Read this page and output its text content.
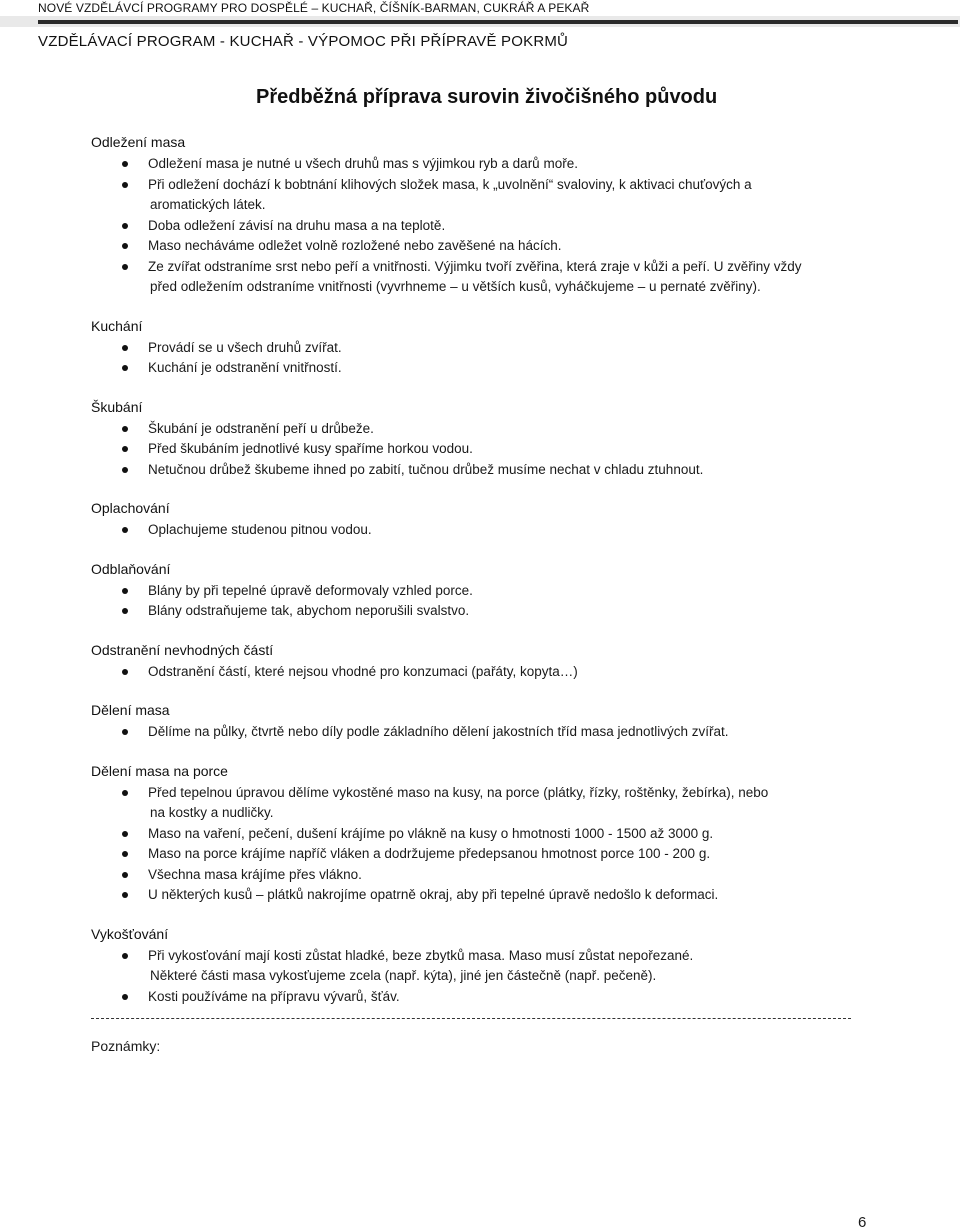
NOVÉ VZDĚLÁVCÍ PROGRAMY PRO DOSPĚLÉ – KUCHAŘ, ČÍŠNÍK-BARMAN, CUKRÁŘ A PEKAŘ
VZDĚLÁVACÍ PROGRAM - KUCHAŘ - VÝPOMOC PŘI PŘÍPRAVĚ POKRMŮ
Předběžná příprava surovin živočišného původu
Odležení masa
Odležení masa je nutné u všech druhů mas s výjimkou ryb a darů moře.
Při odležení dochází k bobtnání klihových složek masa, k „uvolnění“ svaloviny, k aktivaci chuťových a
aromatických látek.
Doba odležení závisí na druhu masa a na teplotě.
Maso necháváme odležet volně rozložené nebo zavěšené na hácích.
Ze zvířat odstraníme srst nebo peří a vnitřnosti. Výjimku tvoří zvěřina, která zraje v kůži a peří. U zvěřiny vždy
před odležením odstraníme vnitřnosti (vyvrhneme – u větších kusů, vyháčkujeme – u pernaté zvěřiny).
Kuchání
Provádí se u všech druhů zvířat.
Kuchání je odstranění vnitřností.
Škubání
Škubání je odstranění peří u drůbeže.
Před škubáním jednotlivé kusy spaříme horkou vodou.
Netučnou drůbež škubeme ihned po zabití, tučnou drůbež musíme nechat v chladu ztuhnout.
Oplachování
Oplachujeme studenou pitnou vodou.
Odblaňování
Blány by při tepelné úpravě deformovaly vzhled porce.
Blány odstraňujeme tak, abychom neporušili svalstvo.
Odstranění nevhodných částí
Odstranění částí, které nejsou vhodné pro konzumaci (pařáty, kopyta…)
Dělení masa
Dělíme na půlky, čtvrtě nebo díly podle základního dělení jakostních tříd masa jednotlivých zvířat.
Dělení masa na porce
Před tepelnou úpravou dělíme vykostěné maso na kusy, na porce (plátky, řízky, roštěnky, žebírka), nebo
na kostky a nudličky.
Maso na vaření, pečení, dušení krájíme po vlákně na kusy o hmotnosti 1000 - 1500 až 3000 g.
Maso na porce krájíme napříč vláken a dodržujeme předepsanou hmotnost porce 100 - 200 g.
Všechna masa krájíme přes vlákno.
U některých kusů – plátků nakrojíme opatrně okraj, aby při tepelné úpravě nedošlo k deformaci.
Vykošťování
Při vykosťování mají kosti zůstat hladké, beze zbytků masa. Maso musí zůstat nepořezané.
Některé části masa vykosťujeme zcela (např. kýta), jiné jen částečně (např. pečeně).
Kosti používáme na přípravu vývarů, šťáv.
Poznámky:
6
